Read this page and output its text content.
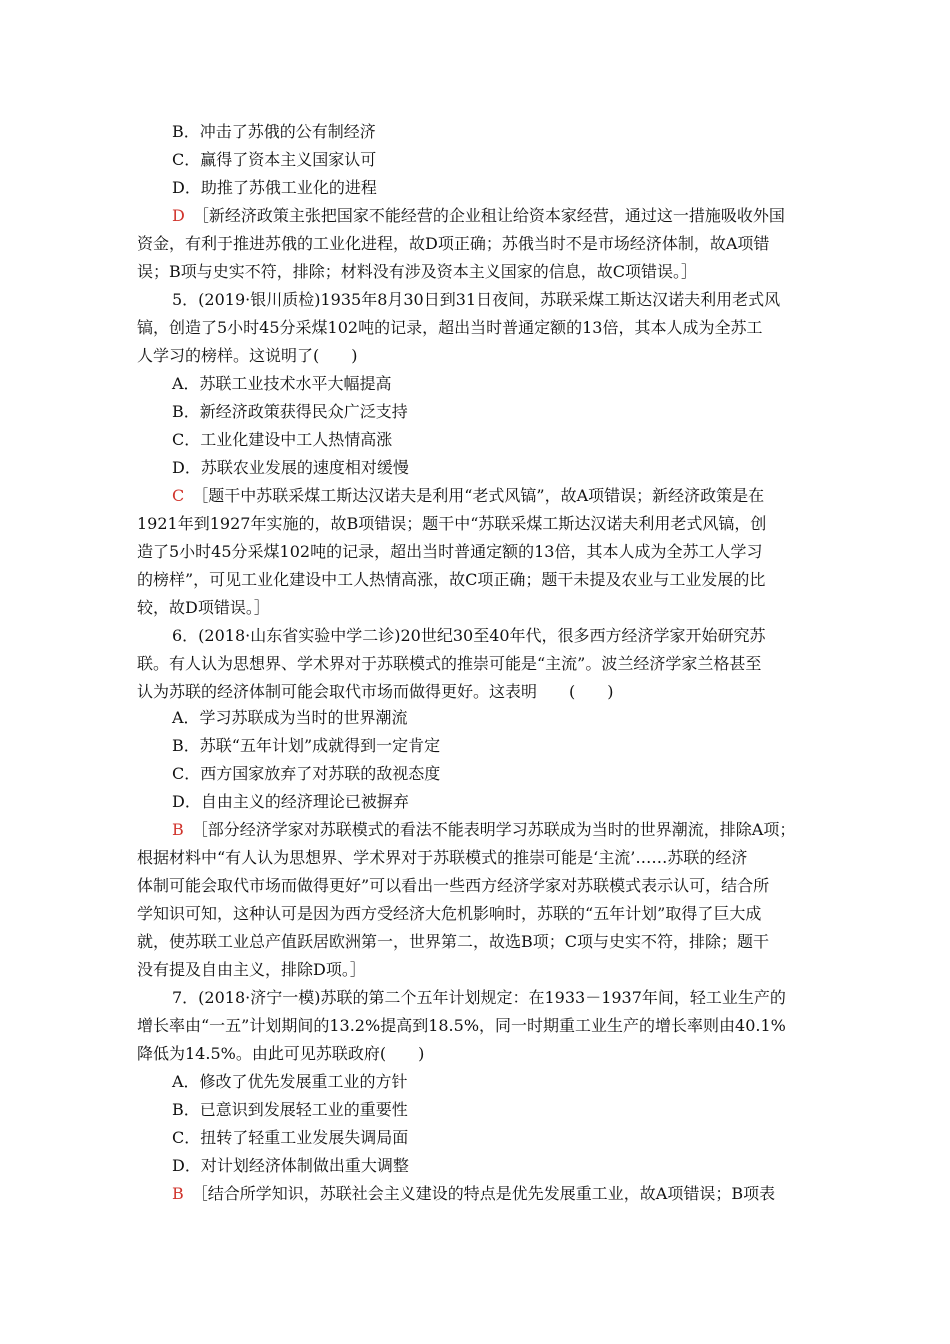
B．冲击了苏俄的公有制经济
C．赢得了资本主义国家认可
D．助推了苏俄工业化的进程
D ［新经济政策主张把国家不能经营的企业租让给资本家经营，通过这一措施吸收外国
资金，有利于推进苏俄的工业化进程，故D项正确；苏俄当时不是市场经济体制，故A项错
误；B项与史实不符，排除；材料没有涉及资本主义国家的信息，故C项错误。］
5．(2019·银川质检)1935年8月30日到31日夜间，苏联采煤工斯达汉诺夫利用老式风
镐，创造了5小时45分采煤102吨的记录，超出当时普通定额的13倍，其本人成为全苏工
人学习的榜样。这说明了(　　)
A．苏联工业技术水平大幅提高
B．新经济政策获得民众广泛支持
C．工业化建设中工人热情高涨
D．苏联农业发展的速度相对缓慢
C ［题干中苏联采煤工斯达汉诺夫是利用“老式风镐”，故A项错误；新经济政策是在
1921年到1927年实施的，故B项错误；题干中“苏联采煤工斯达汉诺夫利用老式风镐，创
造了5小时45分采煤102吨的记录，超出当时普通定额的13倍，其本人成为全苏工人学习
的榜样”，可见工业化建设中工人热情高涨，故C项正确；题干未提及农业与工业发展的比
较，故D项错误。］
6．(2018·山东省实验中学二诊)20世纪30至40年代，很多西方经济学家开始研究苏
联。有人认为思想界、学术界对于苏联模式的推崇可能是“主流”。波兰经济学家兰格甚至
认为苏联的经济体制可能会取代市场而做得更好。这表明　　(　　)
A．学习苏联成为当时的世界潮流
B．苏联“五年计划”成就得到一定肯定
C．西方国家放弃了对苏联的敌视态度
D．自由主义的经济理论已被摒弃
B ［部分经济学家对苏联模式的看法不能表明学习苏联成为当时的世界潮流，排除A项；
根据材料中“有人认为思想界、学术界对于苏联模式的推崇可能是‘主流’……苏联的经济
体制可能会取代市场而做得更好”可以看出一些西方经济学家对苏联模式表示认可，结合所
学知识可知，这种认可是因为西方受经济大危机影响时，苏联的“五年计划”取得了巨大成
就，使苏联工业总产值跃居欧洲第一，世界第二，故选B项；C项与史实不符，排除；题干
没有提及自由主义，排除D项。］
7．(2018·济宁一模)苏联的第二个五年计划规定：在1933－1937年间，轻工业生产的
增长率由“一五”计划期间的13.2%提高到18.5%，同一时期重工业生产的增长率则由40.1%
降低为14.5%。由此可见苏联政府(　　)
A．修改了优先发展重工业的方针
B．已意识到发展轻工业的重要性
C．扭转了轻重工业发展失调局面
D．对计划经济体制做出重大调整
B ［结合所学知识，苏联社会主义建设的特点是优先发展重工业，故A项错误；B项表
